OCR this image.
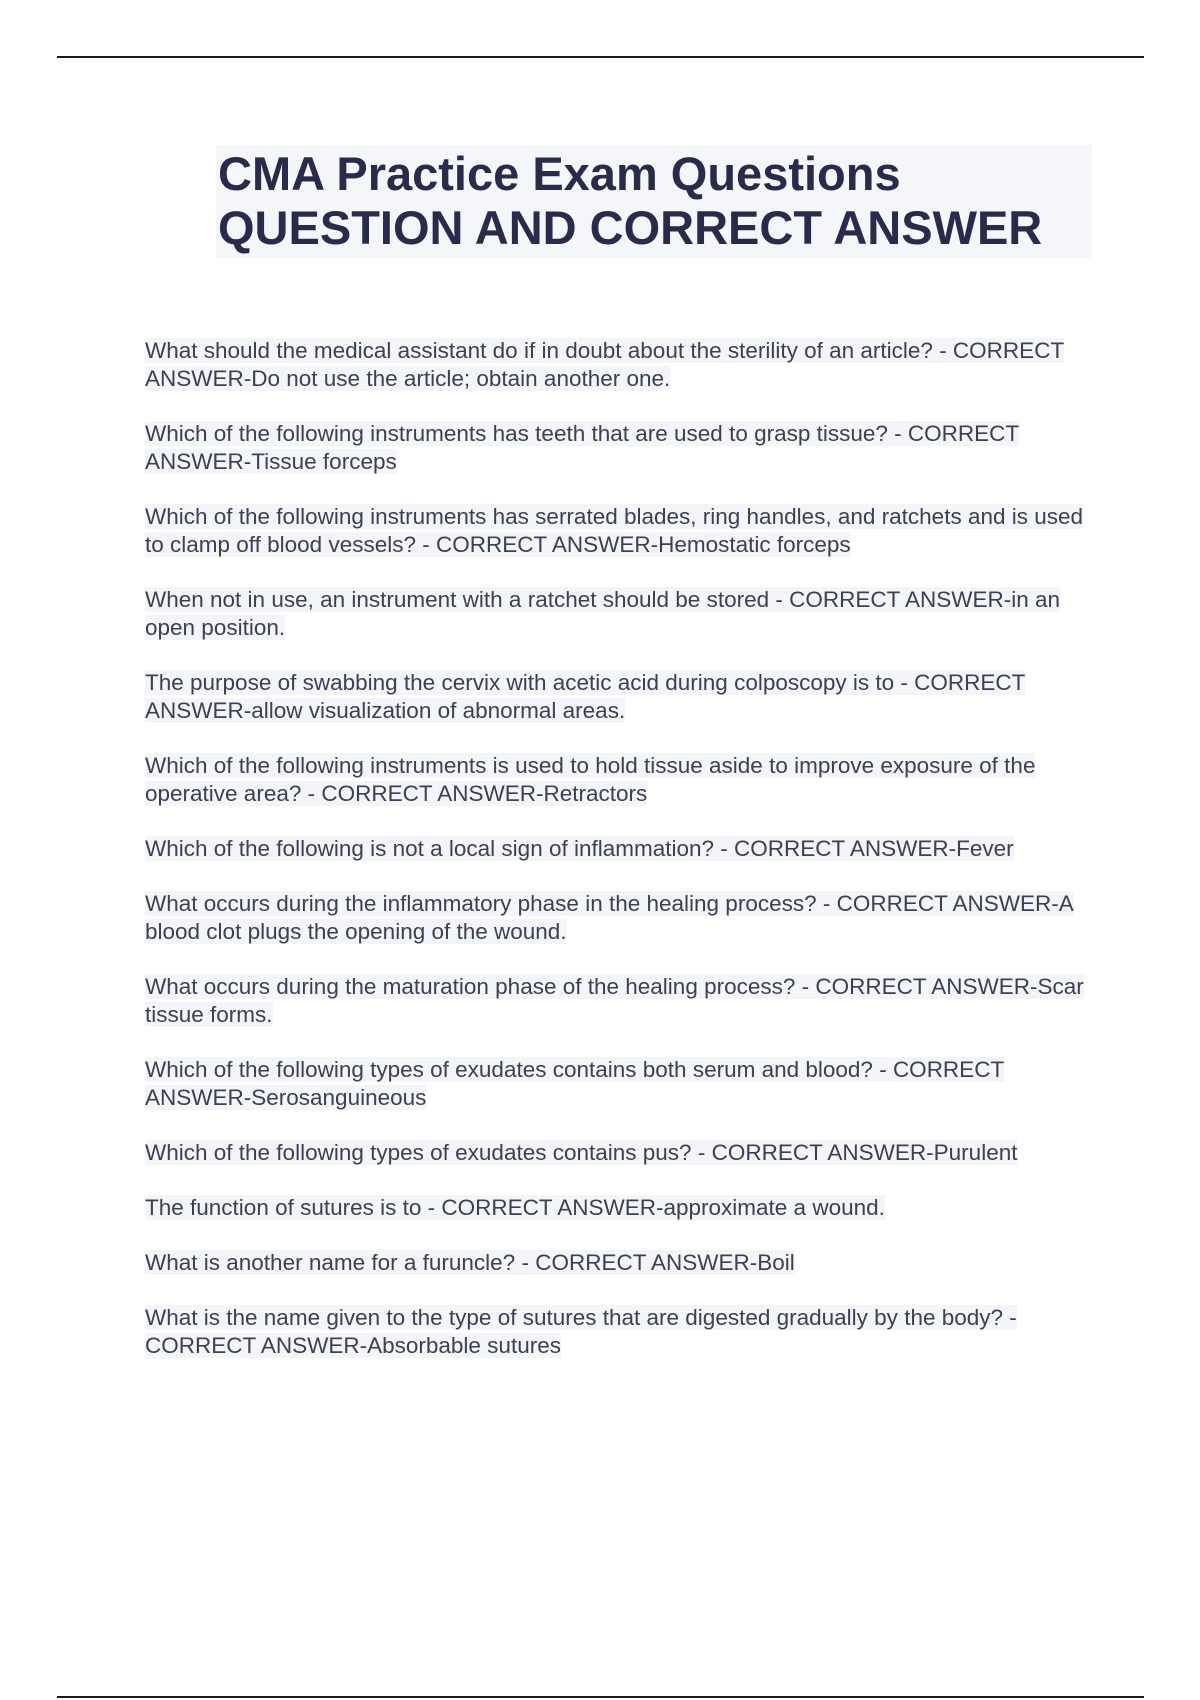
CMA Practice Exam Questions
QUESTION AND CORRECT ANSWER
What should the medical assistant do if in doubt about the sterility of an article? - CORRECT ANSWER-Do not use the article; obtain another one.
Which of the following instruments has teeth that are used to grasp tissue? - CORRECT ANSWER-Tissue forceps
Which of the following instruments has serrated blades, ring handles, and ratchets and is used to clamp off blood vessels? - CORRECT ANSWER-Hemostatic forceps
When not in use, an instrument with a ratchet should be stored - CORRECT ANSWER-in an open position.
The purpose of swabbing the cervix with acetic acid during colposcopy is to - CORRECT ANSWER-allow visualization of abnormal areas.
Which of the following instruments is used to hold tissue aside to improve exposure of the operative area? - CORRECT ANSWER-Retractors
Which of the following is not a local sign of inflammation? - CORRECT ANSWER-Fever
What occurs during the inflammatory phase in the healing process? - CORRECT ANSWER-A blood clot plugs the opening of the wound.
What occurs during the maturation phase of the healing process? - CORRECT ANSWER-Scar tissue forms.
Which of the following types of exudates contains both serum and blood? - CORRECT ANSWER-Serosanguineous
Which of the following types of exudates contains pus? - CORRECT ANSWER-Purulent
The function of sutures is to - CORRECT ANSWER-approximate a wound.
What is another name for a furuncle? - CORRECT ANSWER-Boil
What is the name given to the type of sutures that are digested gradually by the body? - CORRECT ANSWER-Absorbable sutures
